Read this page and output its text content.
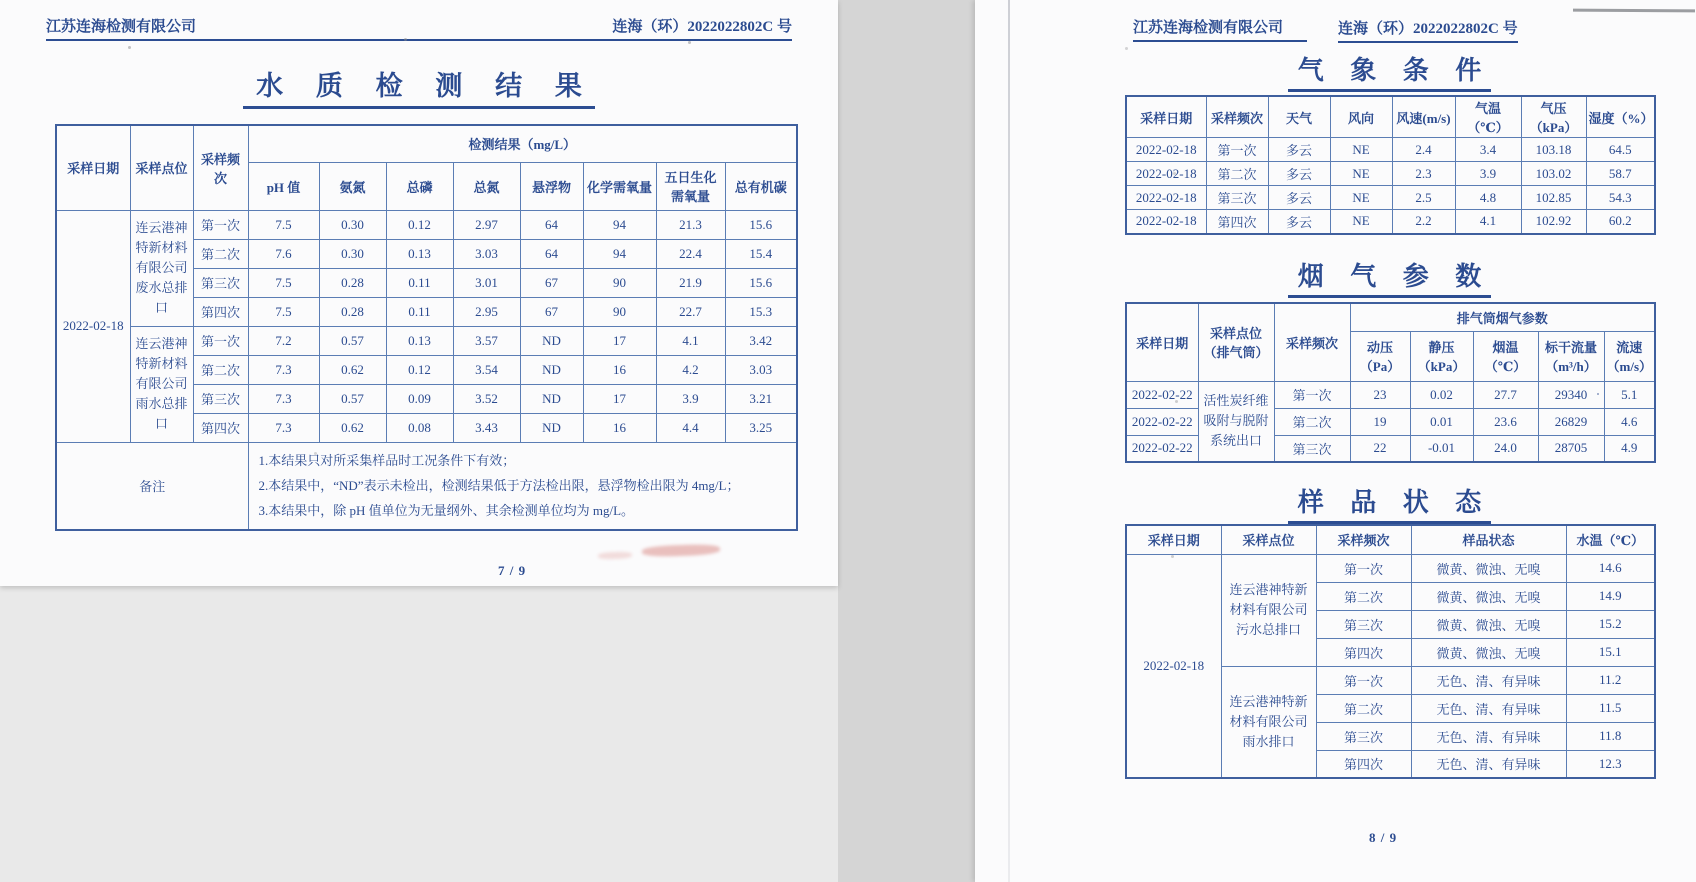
江苏连海检测有限公司	连海（环）2022022802C 号
水 质 检 测 结 果
采样日期	采样点位	采样频次	检测结果（mg/L）							
			pH 值	氨氮	总磷	总氮	悬浮物	化学需氧量	五日生化需氧量	总有机碳
2022-02-18	连云港神特新材料有限公司废水总排口	第一次	7.5	0.30	0.12	2.97	64	94	21.3	15.6
		第二次	7.6	0.30	0.13	3.03	64	94	22.4	15.4
		第三次	7.5	0.28	0.11	3.01	67	90	21.9	15.6
		第四次	7.5	0.28	0.11	2.95	67	90	22.7	15.3
	连云港神特新材料有限公司雨水总排口	第一次	7.2	0.57	0.13	3.57	ND	17	4.1	3.42
		第二次	7.3	0.62	0.12	3.54	ND	16	4.2	3.03
		第三次	7.3	0.57	0.09	3.52	ND	17	3.9	3.21
		第四次	7.3	0.62	0.08	3.43	ND	16	4.4	3.25
备注			1.本结果只对所采集样品时工况条件下有效；
2.本结果中，“ND”表示未检出，检测结果低于方法检出限，悬浮物检出限为 4mg/L；
3.本结果中，除 pH 值单位为无量纲外、其余检测单位均为 mg/L。							
7 / 9
江苏连海检测有限公司	连海（环）2022022802C 号
气 象 条 件
采样日期	采样频次	天气	风向	风速(m/s)	气温（℃）	气压（kPa）	湿度（%）
2022-02-18	第一次	多云	NE	2.4	3.4	103.18	64.5
2022-02-18	第二次	多云	NE	2.3	3.9	103.02	58.7
2022-02-18	第三次	多云	NE	2.5	4.8	102.85	54.3
2022-02-18	第四次	多云	NE	2.2	4.1	102.92	60.2
烟 气 参 数
采样日期	采样点位（排气筒）	采样频次	排气筒烟气参数				
			动压（Pa）	静压（kPa）	烟温（℃）	标干流量（m³/h）	流速（m/s）
2022-02-22	活性炭纤维吸附与脱附系统出口	第一次	23	0.02	27.7	29340	5.1
2022-02-22		第二次	19	0.01	23.6	26829	4.6
2022-02-22		第三次	22	-0.01	24.0	28705	4.9
样 品 状 态
采样日期	采样点位	采样频次	样品状态	水温（℃）
2022-02-18	连云港神特新材料有限公司污水总排口	第一次	微黄、微浊、无嗅	14.6
		第二次	微黄、微浊、无嗅	14.9
		第三次	微黄、微浊、无嗅	15.2
		第四次	微黄、微浊、无嗅	15.1
	连云港神特新材料有限公司雨水排口	第一次	无色、清、有异味	11.2
		第二次	无色、清、有异味	11.5
		第三次	无色、清、有异味	11.8
		第四次	无色、清、有异味	12.3
8 / 9
